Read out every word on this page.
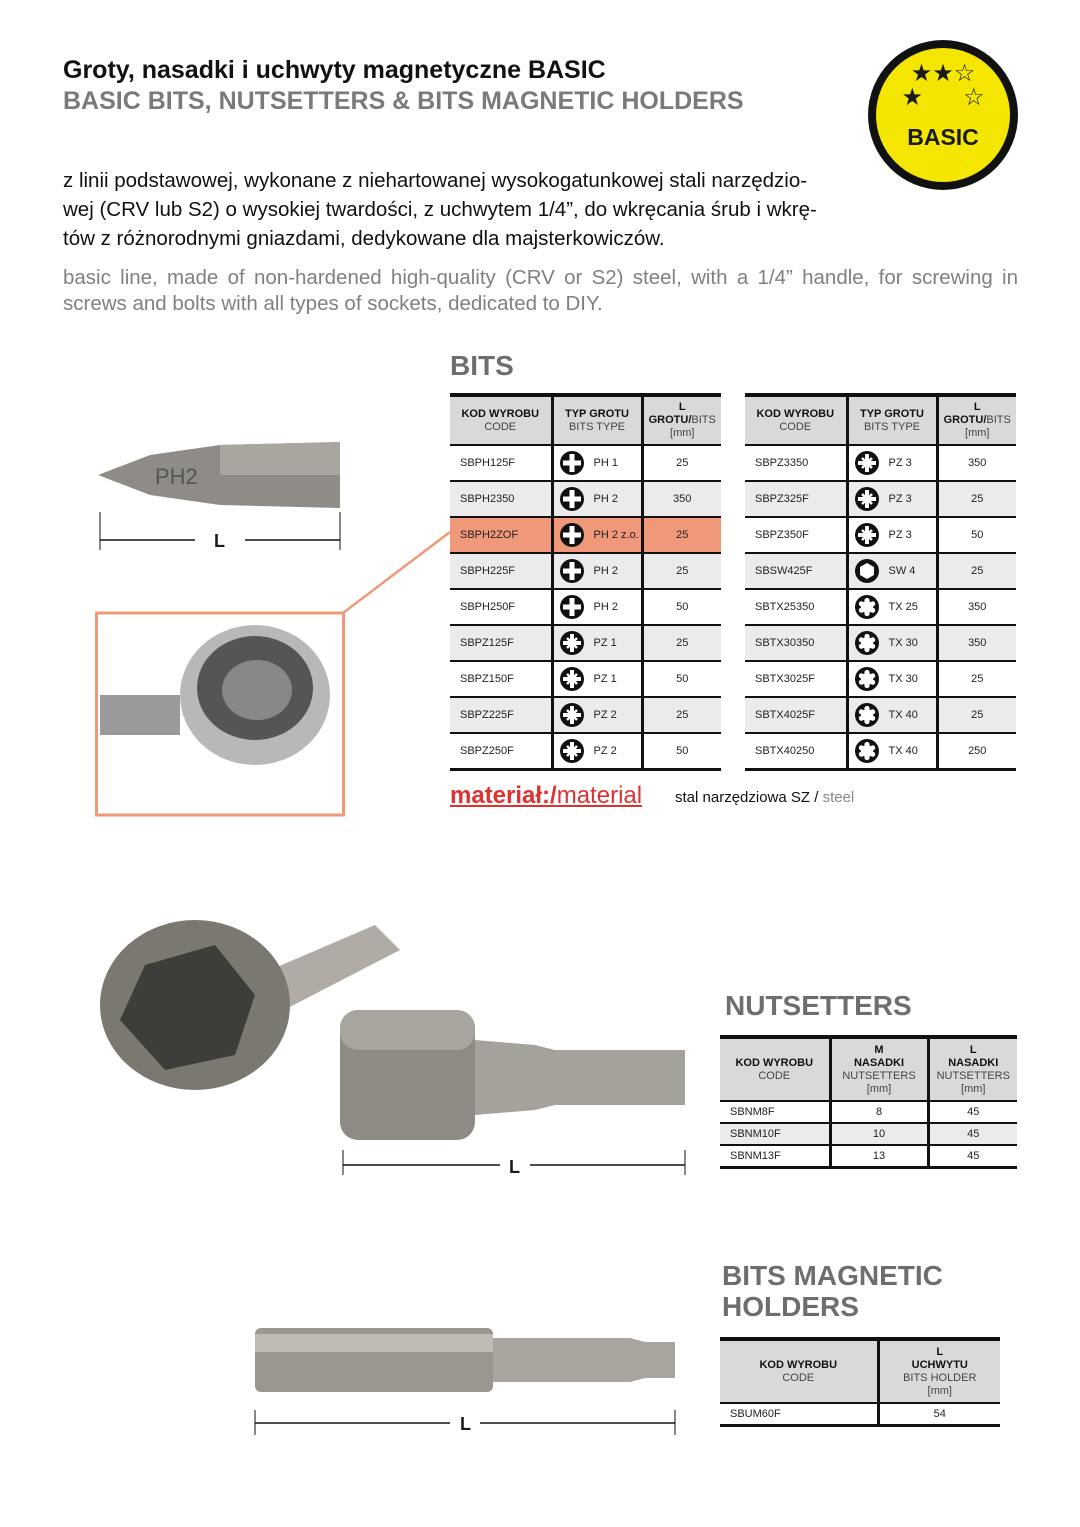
Groty, nasadki i uchwyty magnetyczne BASIC
BASIC BITS, NUTSETTERS & BITS MAGNETIC HOLDERS
★★☆
★      ☆
BASIC
z linii podstawowej, wykonane z niehartowanej wysokogatunkowej stali narzędzio-wej (CRV lub S2) o wysokiej twardości, z uchwytem 1/4”, do wkręcania śrub i wkrę-tów z różnorodnymi gniazdami, dedykowane dla majsterkowiczów.
basic line, made of non-hardened high-quality (CRV or S2) steel, with a 1/4” handle, for screwing in
screws and bolts with all types of sockets, dedicated to DIY.
BITS
PH2
L
KOD WYROBU
CODE	TYP GROTU
BITS TYPE	L
GROTU/BITS
[mm]
SBPH125F	PH 1	25
SBPH2350	PH 2	350
SBPH2ZOF	PH 2 z.o.	25
SBPH225F	PH 2	25
SBPH250F	PH 2	50
SBPZ125F	PZ 1	25
SBPZ150F	PZ 1	50
SBPZ225F	PZ 2	25
SBPZ250F	PZ 2	50
KOD WYROBU
CODE	TYP GROTU
BITS TYPE	L
GROTU/BITS
[mm]
SBPZ3350	PZ 3	350
SBPZ325F	PZ 3	25
SBPZ350F	PZ 3	50
SBSW425F	SW 4	25
SBTX25350	TX 25	350
SBTX30350	TX 30	350
SBTX3025F	TX 30	25
SBTX4025F	TX 40	25
SBTX40250	TX 40	250
materiał:/material stal narzędziowa SZ / steel
L
NUTSETTERS
KOD WYROBU
CODE	M
NASADKI
NUTSETTERS
[mm]	L
NASADKI
NUTSETTERS
[mm]
SBNM8F	8	45
SBNM10F	10	45
SBNM13F	13	45
BITS MAGNETIC
HOLDERS
KOD WYROBU
CODE	L
UCHWYTU
BITS HOLDER
[mm]
SBUM60F	54
L
